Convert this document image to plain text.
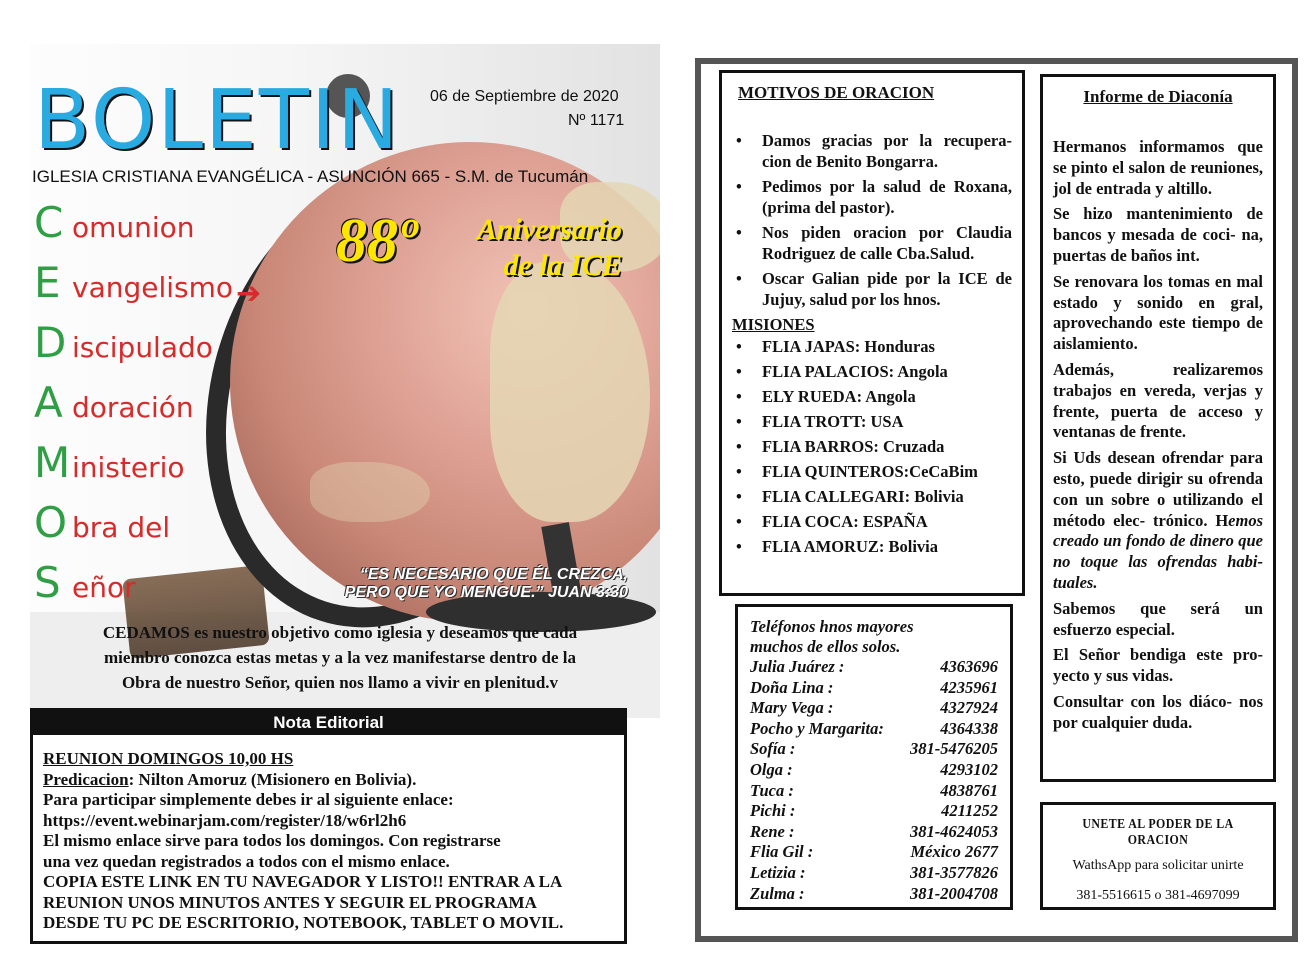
BOLETIN 06 de Septiembre de 2020
Nº 1171
IGLESIA CRISTIANA EVANGÉLICA - ASUNCIÓN 665 - S.M. de Tucumán
C omunion
E vangelismo
D iscipulado
A doración
M inisterio
O bra del
S eñor
➔
88º	Aniversario
de la ICE
“ES NECESARIO QUE ÉL CREZCA,
PERO QUE YO MENGUE.” JUAN 3:30
CEDAMOS es nuestro objetivo como iglesia y deseamos que cada
miembro conozca estas metas y a la vez manifestarse dentro de la
Obra de nuestro Señor, quien nos llamo a vivir en plenitud.v
Nota Editorial
REUNION DOMINGOS 10,00 HS
Predicacion: Nilton Amoruz (Misionero en Bolivia).
Para participar simplemente debes ir al siguiente enlace:
https://event.webinarjam.com/register/18/w6rl2h6
El mismo enlace sirve para todos los domingos. Con registrarse
una vez quedan registrados a todos con el mismo enlace.
COPIA ESTE LINK EN TU NAVEGADOR Y LISTO!! ENTRAR A LA
REUNION UNOS MINUTOS ANTES Y SEGUIR EL PROGRAMA
DESDE TU PC DE ESCRITORIO, NOTEBOOK, TABLET O MOVIL.
MOTIVOS DE ORACION
• Damos gracias por la recupera- cion de Benito Bongarra.
• Pedimos por la salud de Roxana,(prima del pastor).
• Nos piden oracion por Claudia Rodriguez de calle Cba.Salud.
• Oscar Galian pide por la ICE de Jujuy, salud por los hnos.
MISIONES
• FLIA JAPAS: Honduras
• FLIA PALACIOS: Angola
• ELY RUEDA: Angola
• FLIA TROTT: USA
• FLIA BARROS: Cruzada
• FLIA QUINTEROS:CeCaBim
• FLIA CALLEGARI: Bolivia
• FLIA COCA: ESPAÑA
• FLIA AMORUZ: Bolivia
Teléfonos hnos mayores
muchos de ellos solos.
Julia Juárez :	4363696
Doña Lina :	4235961
Mary Vega :	4327924
Pocho y Margarita:	4364338
Sofía :	381-5476205
Olga :	4293102
Tuca :	4838761
Pichi :	4211252
Rene :	381-4624053
Flia Gil :	México 2677
Letizia :	381-3577826
Zulma :	381-2004708
Informe de Diaconía

Hermanos informamos que se pinto el salon de reuniones, jol de entrada y altillo.

Se hizo mantenimiento de bancos y mesada de coci- na, puertas de baños int.

Se renovara los tomas en mal estado y sonido en gral, aprovechando este tiempo de aislamiento.

Además, realizaremos trabajos en vereda, verjas y frente, puerta de acceso y ventanas de frente.

Si Uds desean ofrendar para esto, puede dirigir su ofrenda con un sobre o utilizando el método elec- trónico. Hemos creado un fondo de dinero que no toque las ofrendas habi- tuales.

Sabemos que será un esfuerzo especial.

El Señor bendiga este pro- yecto y sus vidas.

Consultar con los diáco- nos por cualquier duda.

UNETE AL PODER DE LA ORACION
WathsApp para solicitar unirte
381-5516615 o 381-4697099
